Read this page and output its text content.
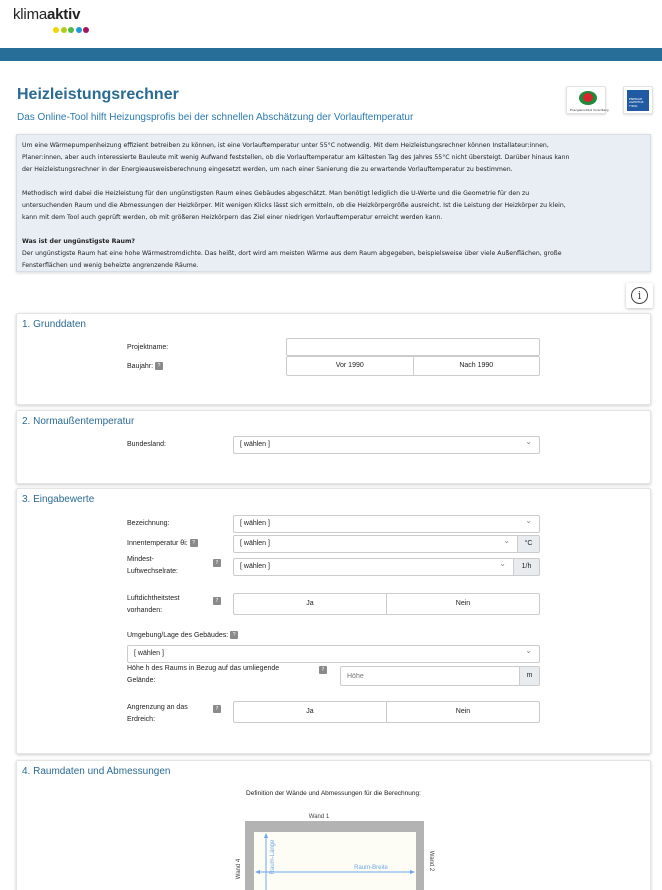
klimaaktiv
Heizleistungsrechner
Das Online-Tool hilft Heizungsprofis bei der schnellen Abschätzung der Vorlauftemperatur
Energieinstitut Vorarlberg
ENERGIE AGENTUR TIROL

Um eine Wärmepumpenheizung effizient betreiben zu können, ist eine Vorlauftemperatur unter 55°C notwendig. Mit dem Heizleistungsrechner können Installateur:innen,

Planer:innen, aber auch interessierte Bauleute mit wenig Aufwand feststellen, ob die Vorlauftemperatur am kältesten Tag des Jahres 55°C nicht übersteigt. Darüber hinaus kann

der Heizleistungsrechner in der Energieausweisberechnung eingesetzt werden, um nach einer Sanierung die zu erwartende Vorlauftemperatur zu bestimmen.

Methodisch wird dabei die Heizleistung für den ungünstigsten Raum eines Gebäudes abgeschätzt. Man benötigt lediglich die U-Werte und die Geometrie für den zu

untersuchenden Raum und die Abmessungen der Heizkörper. Mit wenigen Klicks lässt sich ermitteln, ob die Heizkörpergröße ausreicht. Ist die Leistung der Heizkörper zu klein,

kann mit dem Tool auch geprüft werden, ob mit größeren Heizkörpern das Ziel einer niedrigen Vorlauftemperatur erreicht werden kann.

Was ist der ungünstigste Raum?

Der ungünstigste Raum hat eine hohe Wärmestromdichte. Das heißt, dort wird am meisten Wärme aus dem Raum abgegeben, beispielsweise über viele Außenflächen, große

Fensterflächen und wenig beheizte angrenzende Räume.

i
1. Grunddaten
Projektname:
Baujahr: ?	Vor 1990	Nach 1990
2. Normaußentemperatur
Bundesland:	[ wählen ] ⌄
3. Eingabewerte
Bezeichnung:	[ wählen ] ⌄
Innentemperatur θi: ?	[ wählen ] ⌄	°C
Mindest-
Luftwechselrate:
?	[ wählen ] ⌄	1/h
Luftdichtheitstest
vorhanden:
?	Ja	Nein
Umgebung/Lage des Gebäudes: ?
[ wählen ] ⌄
Höhe h des Raums in Bezug auf das umliegende
Gelände:
?
Höhe
m
Angrenzung an das
Erdreich:
?	Ja	Nein
4. Raumdaten und Abmessungen
Definition der Wände und Abmessungen für die Berechnung:
Wand 1
Wand 4	Wand 2
Raum-Länge	Raum-Breite
